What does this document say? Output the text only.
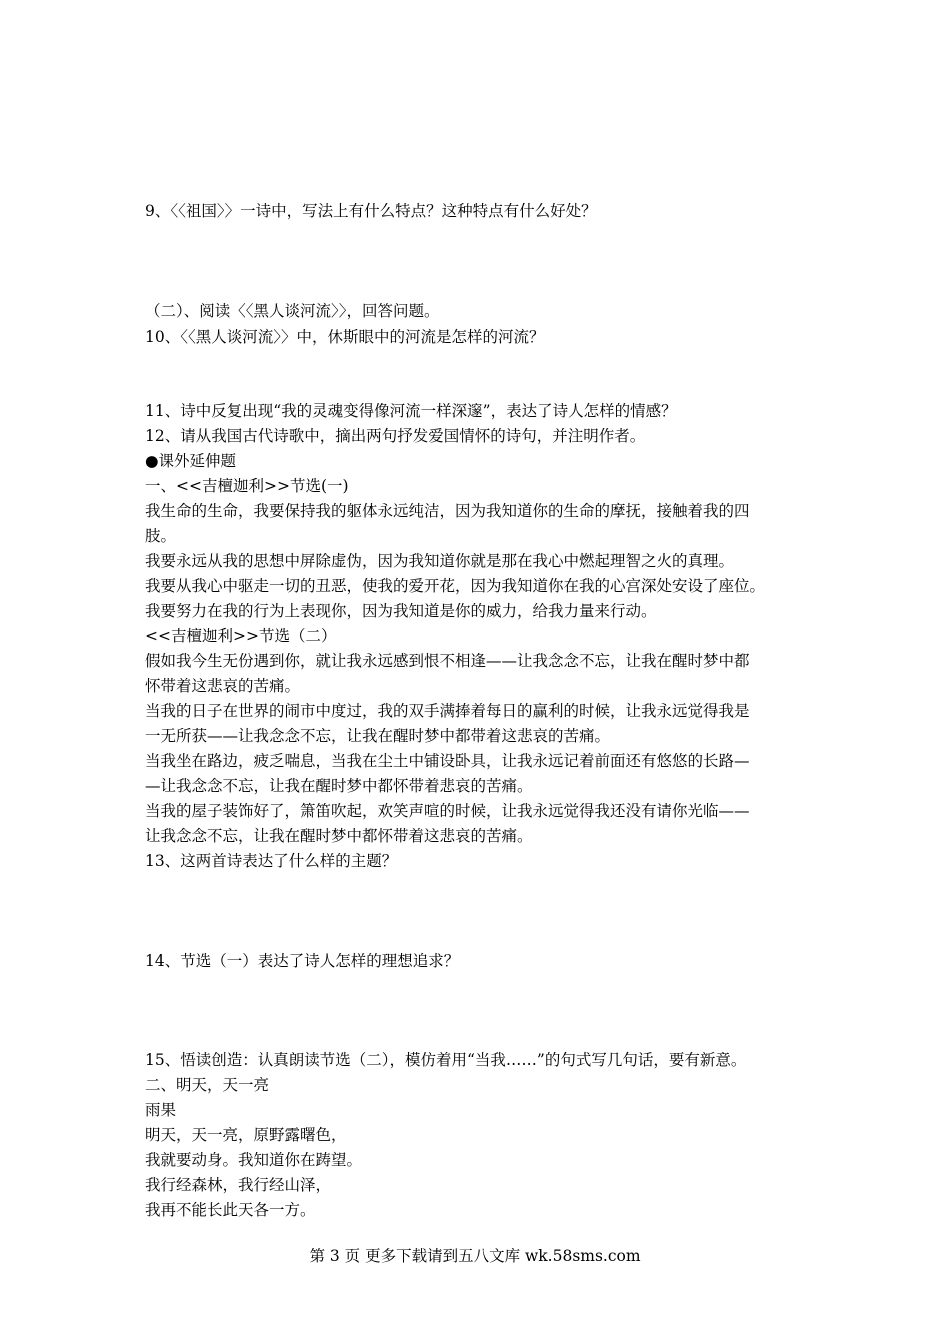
9、〈〈祖国〉〉一诗中，写法上有什么特点？这种特点有什么好处？
（二）、阅读〈〈黑人谈河流〉〉，回答问题。
10、〈〈黑人谈河流〉〉中，休斯眼中的河流是怎样的河流？
11、诗中反复出现“我的灵魂变得像河流一样深邃”，表达了诗人怎样的情感？
12、请从我国古代诗歌中，摘出两句抒发爱国情怀的诗句，并注明作者。
●课外延伸题
一、<<吉檀迦利>>节选(一)
我生命的生命，我要保持我的躯体永远纯洁，因为我知道你的生命的摩抚，接触着我的四
肢。
我要永远从我的思想中屏除虚伪，因为我知道你就是那在我心中燃起理智之火的真理。
我要从我心中驱走一切的丑恶，使我的爱开花，因为我知道你在我的心宫深处安设了座位。
我要努力在我的行为上表现你，因为我知道是你的威力，给我力量来行动。
<<吉檀迦利>>节选（二）
假如我今生无份遇到你，就让我永远感到恨不相逢——让我念念不忘，让我在醒时梦中都
怀带着这悲哀的苦痛。
当我的日子在世界的闹市中度过，我的双手满捧着每日的赢利的时候，让我永远觉得我是
一无所获——让我念念不忘，让我在醒时梦中都带着这悲哀的苦痛。
当我坐在路边，疲乏喘息，当我在尘土中铺设卧具，让我永远记着前面还有悠悠的长路—
—让我念念不忘，让我在醒时梦中都怀带着悲哀的苦痛。
当我的屋子装饰好了，箫笛吹起，欢笑声喧的时候，让我永远觉得我还没有请你光临——
让我念念不忘，让我在醒时梦中都怀带着这悲哀的苦痛。
13、这两首诗表达了什么样的主题？
14、节选（一）表达了诗人怎样的理想追求？
15、悟读创造：认真朗读节选（二），模仿着用“当我……”的句式写几句话，要有新意。
二、明天，天一亮
雨果
明天，天一亮，原野露曙色，
我就要动身。我知道你在踌望。
我行经森林，我行经山泽，
我再不能长此天各一方。
第 3 页 更多下载请到五八文库 wk.58sms.com
